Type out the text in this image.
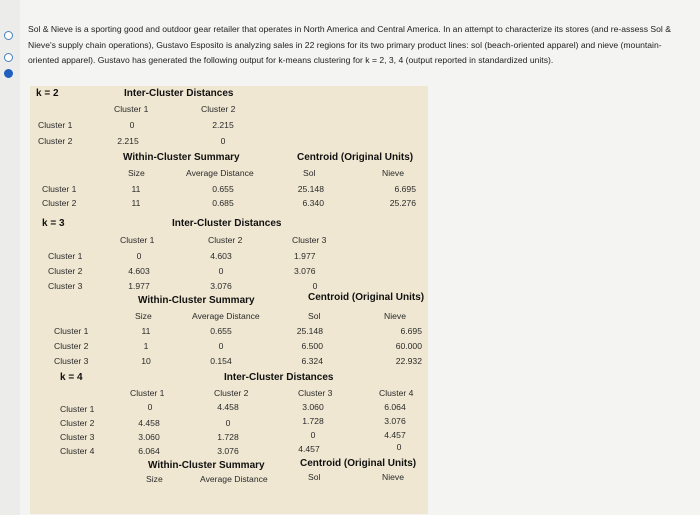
Sol & Nieve is a sporting good and outdoor gear retailer that operates in North America and Central America. In an attempt to characterize its stores (and re-assess Sol & Nieve's supply chain operations), Gustavo Esposito is analyzing sales in 22 regions for its two primary product lines: sol (beach-oriented apparel) and nieve (mountain-oriented apparel). Gustavo has generated the following output for k-means clustering for k = 2, 3, 4 (output reported in standardized units).
k = 2	Inter-Cluster Distances
Cluster 1	Cluster 2
Cluster 1	0	2.215
Cluster 2	2.215	0
Within-Cluster Summary	Centroid (Original Units)
Size	Average Distance	Sol	Nieve
Cluster 1	11	0.655	25.148	6.695
Cluster 2	11	0.685	6.340	25.276
k = 3	Inter-Cluster Distances
Cluster 1	Cluster 2	Cluster 3
Cluster 1	0	4.603	1.977
Cluster 2	4.603	0	3.076
Cluster 3	1.977	3.076	0
Within-Cluster Summary	Centroid (Original Units)
Size	Average Distance	Sol	Nieve
Cluster 1	11	0.655	25.148	6.695
Cluster 2	1	0	6.500	60.000
Cluster 3	10	0.154	6.324	22.932
k = 4	Inter-Cluster Distances
Cluster 1	Cluster 2	Cluster 3	Cluster 4
Cluster 1	0	4.458	3.060	6.064
Cluster 2	4.458	0	1.728	3.076
Cluster 3	3.060	1.728	0	4.457
Cluster 4	6.064	3.076	4.457	0
Within-Cluster Summary	Centroid (Original Units)
Size	Average Distance	Sol	Nieve
